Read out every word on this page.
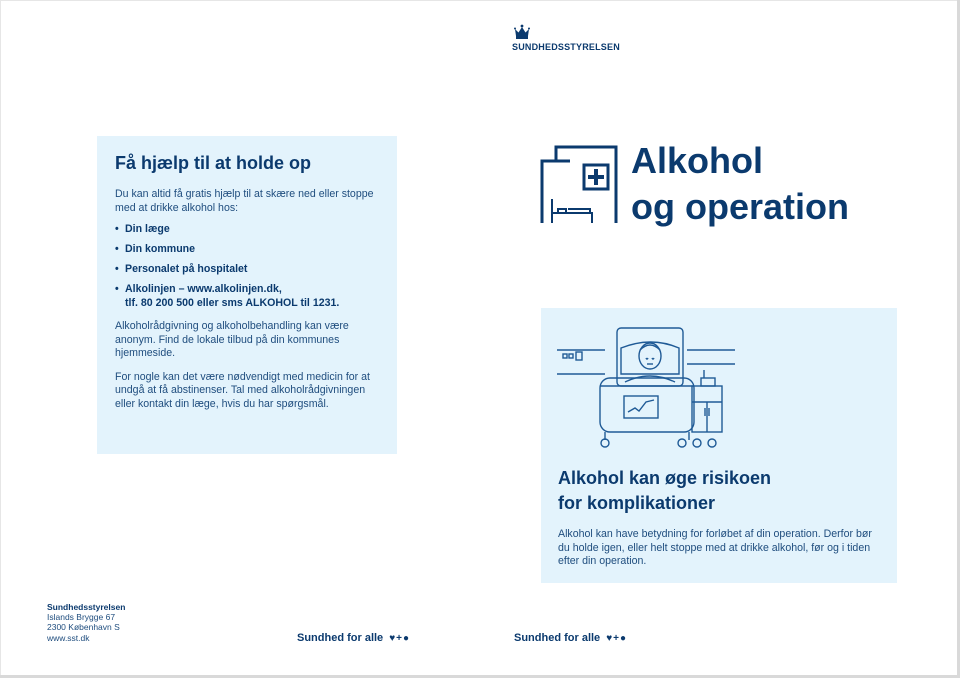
SUNDHEDSSTYRELSEN
Få hjælp til at holde op

Du kan altid få gratis hjælp til at skære ned eller stoppe med at drikke alkohol hos:

• Din læge
• Din kommune
• Personalet på hospitalet
• Alkolinjen – www.alkolinjen.dk,
tlf. 80 200 500 eller sms ALKOHOL til 1231.

Alkoholrådgivning og alkoholbehandling kan være anonym. Find de lokale tilbud på din kommunes hjemmeside.

For nogle kan det være nødvendigt med medicin for at undgå at få abstinenser. Tal med alkoholrådgivningen eller kontakt din læge, hvis du har spørgsmål.

Alkohol
og operation
Alkohol kan øge risikoen
for komplikationer
Alkohol kan have betydning for forløbet af din operation. Derfor bør du holde igen, eller helt stoppe med at drikke alkohol, før og i tiden efter din operation.
Sundhedsstyrelsen
Islands Brygge 67
2300 København S
www.sst.dk	Sundhed for alle ♥+●	Sundhed for alle ♥+●
